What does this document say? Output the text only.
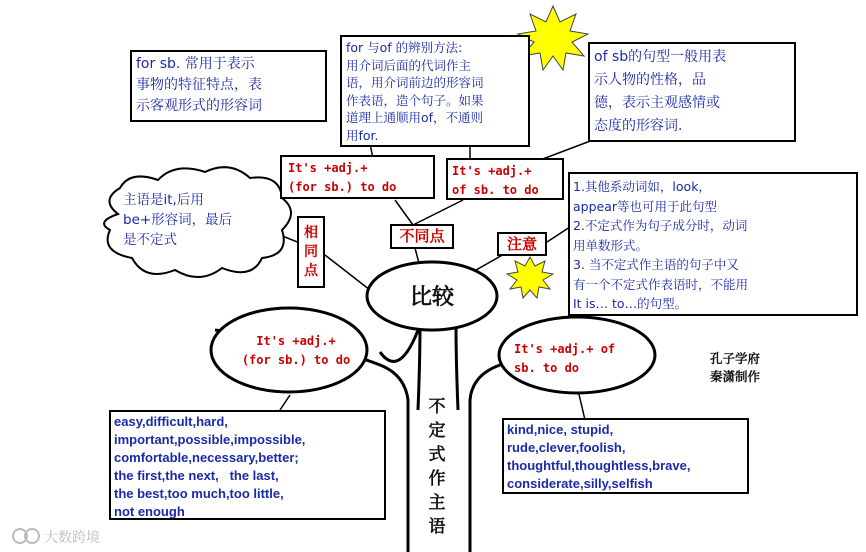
for sb. 常用于表示
事物的特征特点，表
示客观形式的形容词
for 与of 的辨别方法:
用介词后面的代词作主
语，用介词前边的形容词
作表语，造个句子。如果
道理上通顺用of，不通则
用for.
of sb的句型一般用表
示人物的性格，品
德，表示主观感情或
态度的形容词.
It's +adj.+
(for sb.) to do
It's +adj.+
of sb. to do
不同点
相
同
点
注意
主语是it,后用
be+形容词，最后
是不定式
1.其他系动词如，look，
appear等也可用于此句型
2.不定式作为句子成分时，动词
用单数形式。
3. 当不定式作主语的句子中又
有一个不定式作表语时，不能用
It is… to…的句型。
比较
It's +adj.+
(for sb.) to do
It's +adj.+ of
sb. to do
不
定
式
作
主
语
easy,difficult,hard,
important,possible,impossible,
comfortable,necessary,better;
the first,the next,   the last,
the best,too much,too little,
not enough
kind,nice, stupid,
rude,clever,foolish,
thoughtful,thoughtless,brave,
considerate,silly,selfish
孔子学府
秦潇制作
大数跨境
